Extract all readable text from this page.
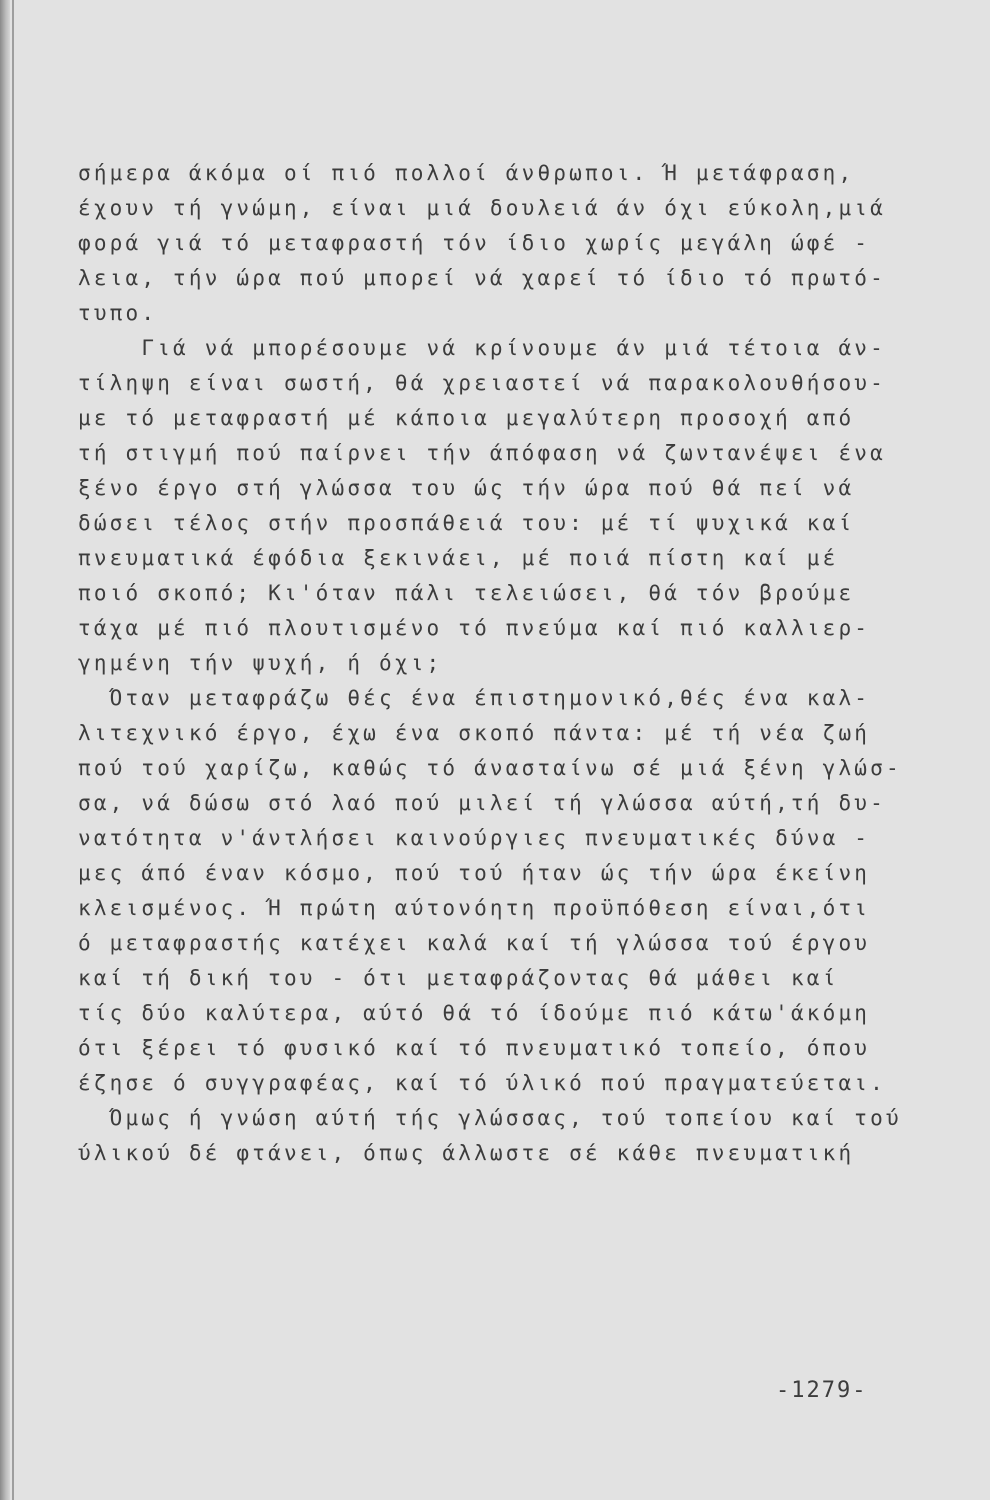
σήμερα άκόμα οί πιό πολλοί άνθρωποι. Ή μετάφραση,
έχουν τή γνώμη, είναι μιά δουλειά άν όχι εύκολη,μιά
φορά γιά τό μεταφραστή τόν ίδιο χωρίς μεγάλη ώφέ -
λεια, τήν ώρα πού μπορεί νά χαρεί τό ίδιο τό πρωτό-
τυπο.
Γιά νά μπορέσουμε νά κρίνουμε άν μιά τέτοια άν-
τίληψη είναι σωστή, θά χρειαστεί νά παρακολουθήσου-
με τό μεταφραστή μέ κάποια μεγαλύτερη προσοχή από
τή στιγμή πού παίρνει τήν άπόφαση νά ζωντανέψει ένα
ξένο έργο στή γλώσσα του ώς τήν ώρα πού θά πεί νά
δώσει τέλος στήν προσπάθειά του: μέ τί ψυχικά καί
πνευματικά έφόδια ξεκινάει, μέ ποιά πίστη καί μέ
ποιό σκοπό; Κι'όταν πάλι τελειώσει, θά τόν βρούμε
τάχα μέ πιό πλουτισμένο τό πνεύμα καί πιό καλλιερ-
γημένη τήν ψυχή, ή όχι;
Όταν μεταφράζω θές ένα έπιστημονικό,θές ένα καλ-
λιτεχνικό έργο, έχω ένα σκοπό πάντα: μέ τή νέα ζωή
πού τού χαρίζω, καθώς τό άνασταίνω σέ μιά ξένη γλώσ-
σα, νά δώσω στό λαό πού μιλεί τή γλώσσα αύτή,τή δυ-
νατότητα ν'άντλήσει καινούργιες πνευματικές δύνα -
μες άπό έναν κόσμο, πού τού ήταν ώς τήν ώρα έκείνη
κλεισμένος. Ή πρώτη αύτονόητη προϋπόθεση είναι,ότι
ό μεταφραστής κατέχει καλά καί τή γλώσσα τού έργου
καί τή δική του - ότι μεταφράζοντας θά μάθει καί
τίς δύο καλύτερα, αύτό θά τό ίδούμε πιό κάτω'άκόμη
ότι ξέρει τό φυσικό καί τό πνευματικό τοπείο, όπου
έζησε ό συγγραφέας, καί τό ύλικό πού πραγματεύεται.
Όμως ή γνώση αύτή τής γλώσσας, τού τοπείου καί τού
ύλικού δέ φτάνει, όπως άλλωστε σέ κάθε πνευματική
-1279-
